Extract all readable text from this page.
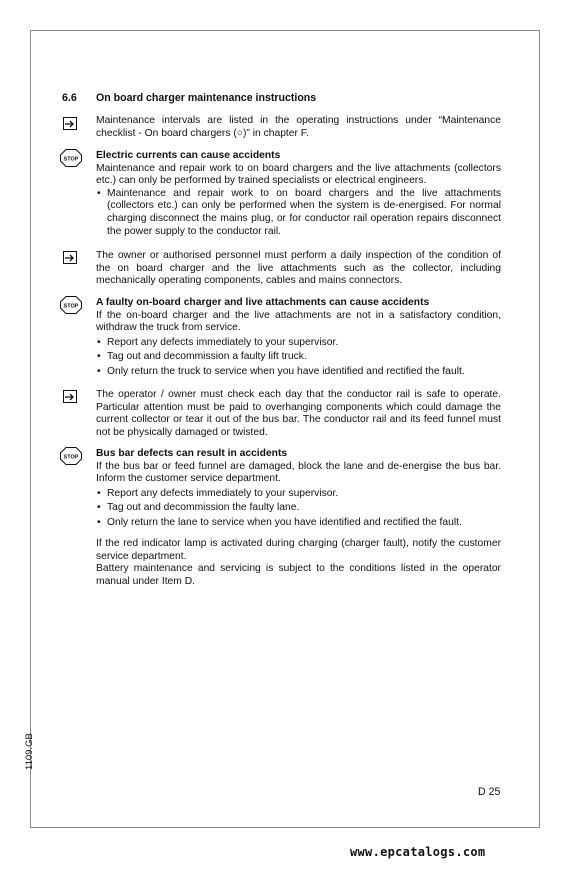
6.6 On board charger maintenance instructions
Maintenance intervals are listed in the operating instructions under “Maintenance checklist - On board chargers (○)” in chapter F.
STOP Electric currents can cause accidents
Maintenance and repair work to on board chargers and the live attachments (collectors etc.) can only be performed by trained specialists or electrical engineers.
• Maintenance and repair work to on board chargers and the live attachments (collectors etc.) can only be performed when the system is de-energised. For normal charging disconnect the mains plug, or for conductor rail operation repairs disconnect the power supply to the conductor rail.
The owner or authorised personnel must perform a daily inspection of the condition of the on board charger and the live attachments such as the collector, including mechanically operating components, cables and mains connectors.
STOP A faulty on-board charger and live attachments can cause accidents
If the on-board charger and the live attachments are not in a satisfactory condition, withdraw the truck from service.
• Report any defects immediately to your supervisor.
• Tag out and decommission a faulty lift truck.
• Only return the truck to service when you have identified and rectified the fault.
The operator / owner must check each day that the conductor rail is safe to operate. Particular attention must be paid to overhanging components which could damage the current collector or tear it out of the bus bar. The conductor rail and its feed funnel must not be physically damaged or twisted.
STOP Bus bar defects can result in accidents
If the bus bar or feed funnel are damaged, block the lane and de-energise the bus bar. Inform the customer service department.
• Report any defects immediately to your supervisor.
• Tag out and decommission the faulty lane.
• Only return the lane to service when you have identified and rectified the fault.
If the red indicator lamp is activated during charging (charger fault), notify the customer service department.
Battery maintenance and servicing is subject to the conditions listed in the operator manual under Item D.
1109.GB
D 25
www.epcatalogs.com
